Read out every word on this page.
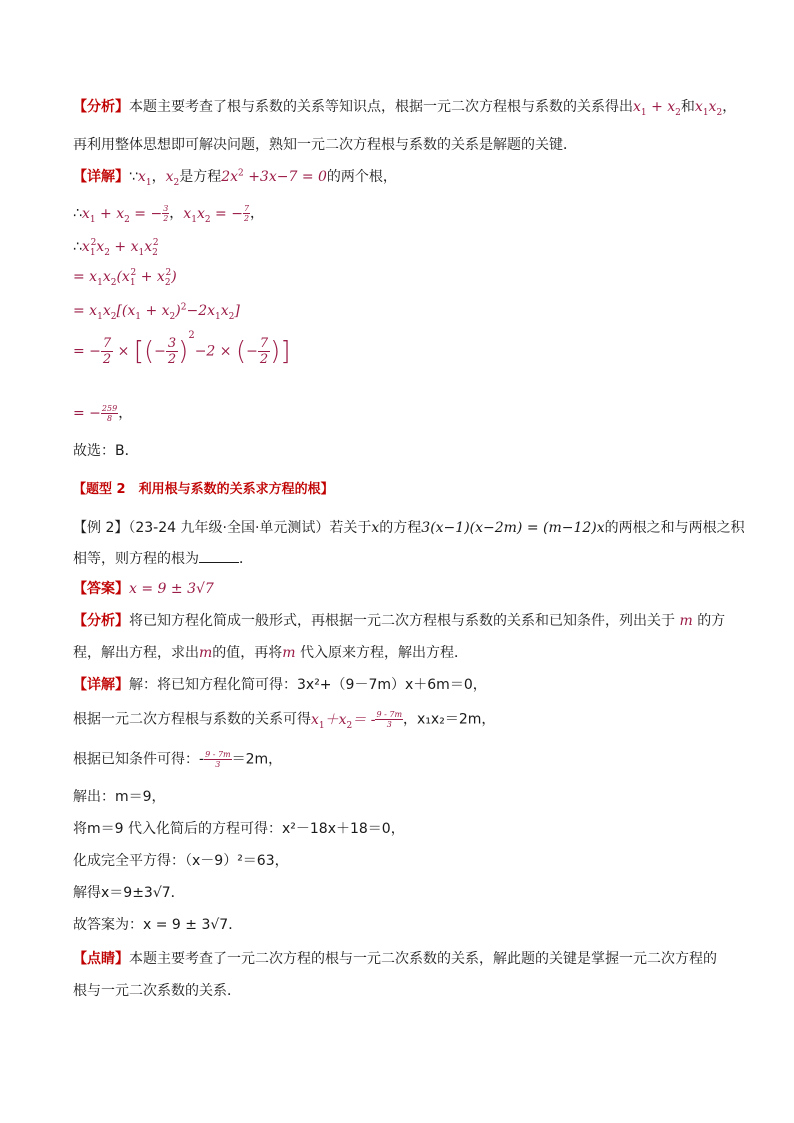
【分析】本题主要考查了根与系数的关系等知识点，根据一元二次方程根与系数的关系得出$x_1 + x_2$和$x_1x_2$，
再利用整体思想即可解决问题，熟知一元二次方程根与系数的关系是解题的关键．
【详解】$\because x_1$，$x_2$是方程$2x^2 +3x-7 = 0$的两个根，
$\therefore x_1 + x_2$ = − $\frac{3}{2}$ ，$x_1x_2$ = − $\frac{7}{2}$ ，
$\therefore x_1^2x_2 + x_1x_2^2$
= $x_1x_2(x_1^2 + x_2^2)$
= $x_1x_2[(x_1 + x_2)^2-2x_1x_2]$
= − $\frac{7}{2}$ × [(− $\frac{3}{2} )^2-2$ × (− $\frac{7}{2}$ )]
= − $\frac{259}{8}$ ，
故选：B．
【题型 2　利用根与系数的关系求方程的根】
【例 2】（23-24 九年级·全国·单元测试）若关于x的方程3(x−1)(x−2m) = (m−12)x的两根之和与两根之积
相等，则方程的根为	．
【答案】x = 9 ± 3√7
【分析】将已知方程化简成一般形式，再根据一元二次方程根与系数的关系和已知条件，列出关于 m 的方
程，解出方程，求出m的值，再将m 代入原来方程，解出方程．
【详解】解：将已知方程化简可得：3x²+（9－7m）x＋6m＝0，
根据一元二次方程根与系数的关系可得$x_1+x_2= - \frac{9 - 7m}{3}$ ，x₁x₂＝2m，
根据已知条件可得：- $\frac{9 - 7m}{3} =2m$，
解出：m＝9，
将m＝9 代入化简后的方程可得：x²－18x＋18＝0，
化成完全平方得：（x－9）²＝63，
解得x＝9±3√7．
故答案为：x = 9 ± 3√7．
【点睛】本题主要考查了一元二次方程的根与一元二次系数的关系，解此题的关键是掌握一元二次方程的
根与一元二次系数的关系．
